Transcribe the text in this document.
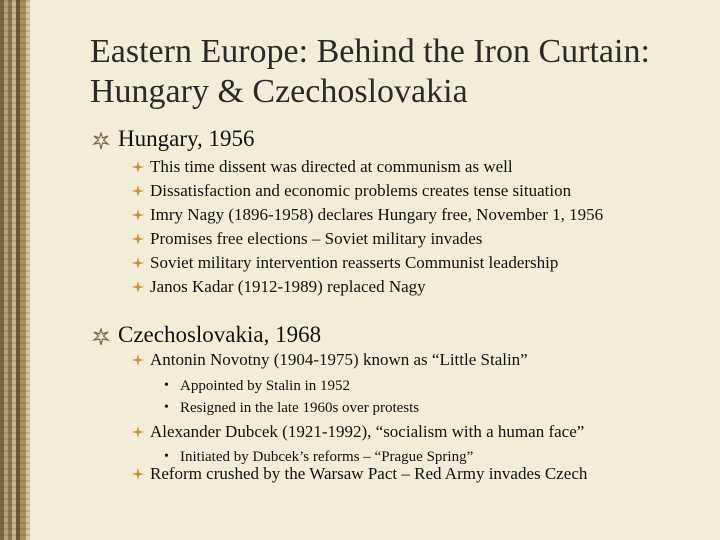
Eastern Europe: Behind the Iron Curtain: Hungary & Czechoslovakia
Hungary, 1956
This time dissent was directed at communism as well
Dissatisfaction and economic problems creates tense situation
Imry Nagy (1896-1958) declares Hungary free, November 1, 1956
Promises free elections – Soviet military invades
Soviet military intervention reasserts Communist leadership
Janos Kadar (1912-1989) replaced Nagy
Czechoslovakia, 1968
Antonin Novotny (1904-1975) known as “Little Stalin”
• Appointed by Stalin in 1952
• Resigned in the late 1960s over protests
Alexander Dubcek (1921-1992), “socialism with a human face”
• Initiated by Dubcek’s reforms – “Prague Spring”
Reform crushed by the Warsaw Pact – Red Army invades Czech
